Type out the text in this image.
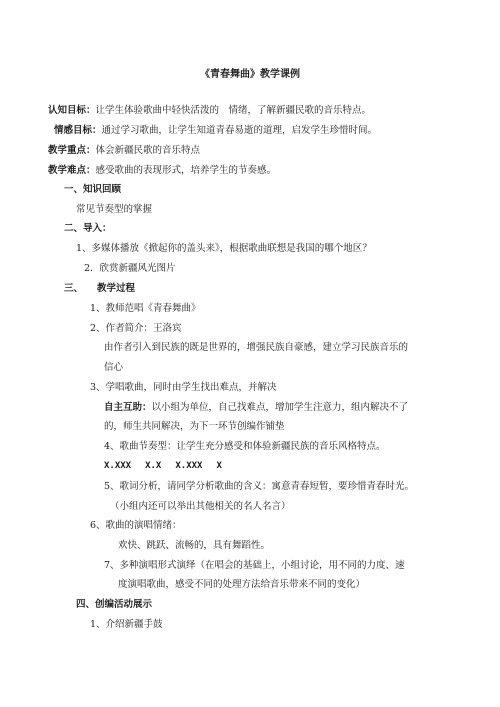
《青春舞曲》教学课例
认知目标：让学生体验歌曲中轻快活泼的　情绪，了解新疆民歌的音乐特点。
情感目标：通过学习歌曲，让学生知道青春易逝的道理，启发学生珍惜时间。
教学重点：体会新疆民歌的音乐特点
教学难点：感受歌曲的表现形式，培养学生的节奏感。
一、知识回顾
常见节奏型的掌握
二、导入：
1、多媒体播放《掀起你的盖头来》，根据歌曲联想是我国的哪个地区？
2．欣赏新疆风光图片
三、 教学过程
1、教师范唱《青春舞曲》
2、作者简介：王洛宾
由作者引入到民族的既是世界的，增强民族自豪感，建立学习民族音乐的
信心
3、学唱歌曲，同时由学生找出难点，并解决
自主互助：以小组为单位，自己找难点，增加学生注意力，组内解决不了
的，师生共同解决，为下一环节创编作铺垫
4、歌曲节奏型：让学生充分感受和体验新疆民族的音乐风格特点。
X.XXX X.X X.XXX X
5、歌词分析，请同学分析歌曲的含义：寓意青春短暂，要珍惜青春时光。
（小组内还可以举出其他相关的名人名言）
6、歌曲的演唱情绪：
欢快、跳跃、流畅的，具有舞蹈性。
7、多种演唱形式演绎（在唱会的基础上，小组讨论，用不同的力度、速
度演唱歌曲，感受不同的处理方法给音乐带来不同的变化）
四、创编活动展示
1、介绍新疆手鼓
